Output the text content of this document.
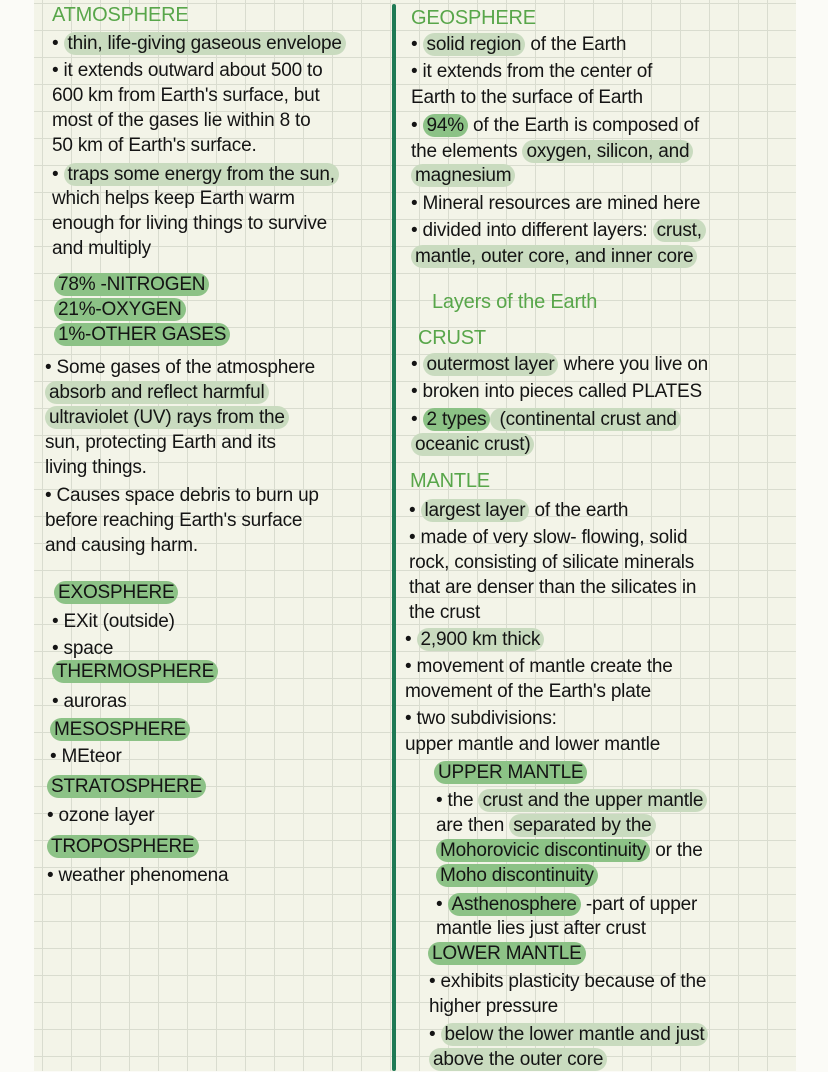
ATMOSPHERE
• thin, life-giving gaseous envelope
• it extends outward about 500 to
600 km from Earth's surface, but
most of the gases lie within 8 to
50 km of Earth's surface.
• traps some energy from the sun,
which helps keep Earth warm
enough for living things to survive
and multiply
78% -NITROGEN
21%-OXYGEN
1%-OTHER GASES
• Some gases of the atmosphere
absorb and reflect harmful
ultraviolet (UV) rays from the
sun, protecting Earth and its
living things.
• Causes space debris to burn up
before reaching Earth's surface
and causing harm.
EXOSPHERE
• EXit (outside)
• space
THERMOSPHERE
• auroras
MESOSPHERE
• MEteor
STRATOSPHERE
• ozone layer
TROPOSPHERE
• weather phenomena
GEOSPHERE
• solid region of the Earth
• it extends from the center of
Earth to the surface of Earth
• 94% of the Earth is composed of
the elements oxygen, silicon, and
magnesium
• Mineral resources are mined here
• divided into different layers: crust,
mantle, outer core, and inner core
Layers of the Earth
CRUST
• outermost layer where you live on
• broken into pieces called PLATES
• 2 types (continental crust and
oceanic crust)
MANTLE
• largest layer of the earth
• made of very slow- flowing, solid
rock, consisting of silicate minerals
that are denser than the silicates in
the crust
• 2,900 km thick
• movement of mantle create the
movement of the Earth's plate
• two subdivisions:
upper mantle and lower mantle
UPPER MANTLE
• the crust and the upper mantle
are then separated by the
Mohorovicic discontinuity or the
Moho discontinuity
• Asthenosphere -part of upper
mantle lies just after crust
LOWER MANTLE
• exhibits plasticity because of the
higher pressure
• below the lower mantle and just
above the outer core
